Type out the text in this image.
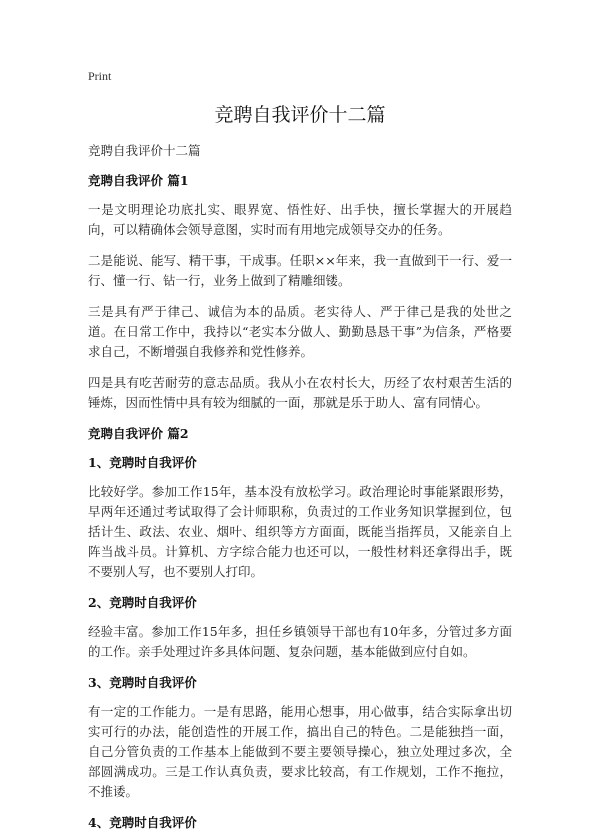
Print
竞聘自我评价十二篇

竞聘自我评价十二篇

竞聘自我评价 篇1

一是文明理论功底扎实、眼界宽、悟性好、出手快，擅长掌握大的开展趋向，可以精确体会领导意图，实时而有用地完成领导交办的任务。

二是能说、能写、精干事，干成事。任职××年来，我一直做到干一行、爱一行、懂一行、钻一行，业务上做到了精雕细镂。

三是具有严于律己、诚信为本的品质。老实待人、严于律己是我的处世之道。在日常工作中，我持以“老实本分做人、勤勤恳恳干事”为信条，严格要求自己，不断增强自我修养和党性修养。

四是具有吃苦耐劳的意志品质。我从小在农村长大，历经了农村艰苦生活的锤炼，因而性情中具有较为细腻的一面，那就是乐于助人、富有同情心。

竞聘自我评价 篇2

1、竞聘时自我评价

比较好学。参加工作15年，基本没有放松学习。政治理论时事能紧跟形势，早两年还通过考试取得了会计师职称，负责过的工作业务知识掌握到位，包括计生、政法、农业、烟叶、组织等方方面面，既能当指挥员，又能亲自上阵当战斗员。计算机、方字综合能力也还可以，一般性材料还拿得出手，既不要别人写，也不要别人打印。

2、竞聘时自我评价

经验丰富。参加工作15年多，担任乡镇领导干部也有10年多，分管过多方面的工作。亲手处理过许多具体问题、复杂问题，基本能做到应付自如。

3、竞聘时自我评价

有一定的工作能力。一是有思路，能用心想事，用心做事，结合实际拿出切实可行的办法，能创造性的开展工作，搞出自己的特色。二是能独挡一面，自己分管负责的工作基本上能做到不要主要领导操心，独立处理过多次，全部圆满成功。三是工作认真负责，要求比较高，有工作规划，工作不拖拉，不推诿。

4、竞聘时自我评价
